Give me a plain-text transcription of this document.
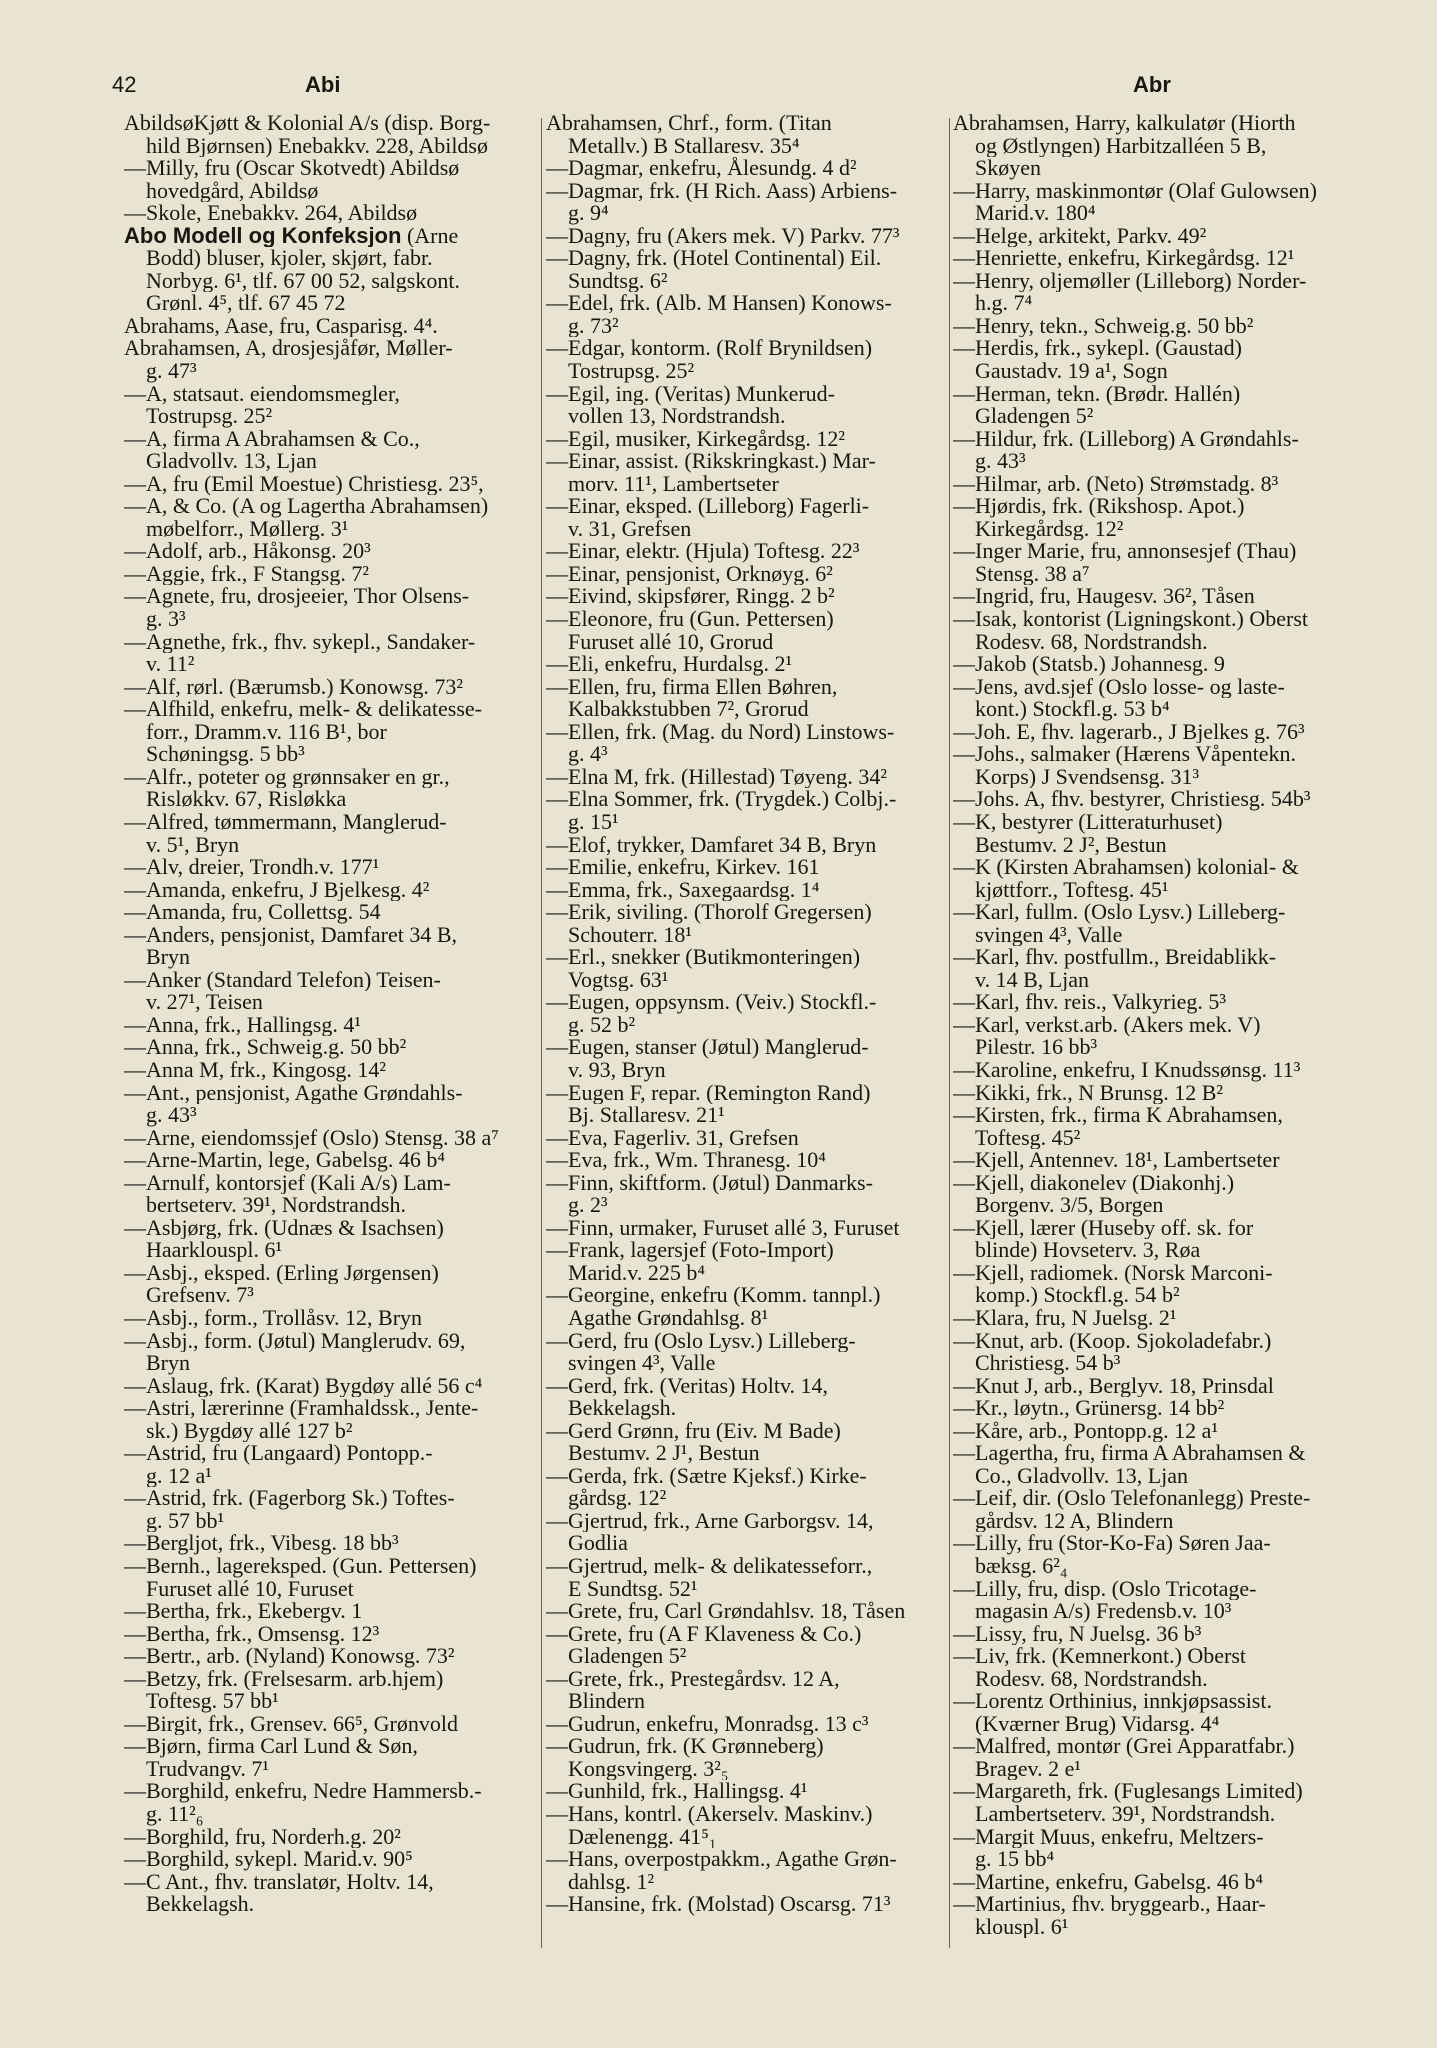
42	Abi	Abr
AbildsøKjøtt & Kolonial A/s (disp. Borg-
hild Bjørnsen) Enebakkv. 228, Abildsø
—Milly, fru (Oscar Skotvedt) Abildsø
hovedgård, Abildsø
—Skole, Enebakkv. 264, Abildsø
Abo Modell og Konfeksjon (Arne
Bodd) bluser, kjoler, skjørt, fabr.
Norbyg. 6¹, tlf. 67 00 52, salgskont.
Grønl. 4⁵, tlf. 67 45 72
Abrahams, Aase, fru, Casparisg. 4⁴.
Abrahamsen, A, drosjesjåfør, Møller-
g. 47³
—A, statsaut. eiendomsmegler,
Tostrupsg. 25²
—A, firma A Abrahamsen & Co.,
Gladvollv. 13, Ljan
—A, fru (Emil Moestue) Christiesg. 23⁵,
—A, & Co. (A og Lagertha Abrahamsen)
møbelforr., Møllerg. 3¹
—Adolf, arb., Håkonsg. 20³
—Aggie, frk., F Stangsg. 7²
—Agnete, fru, drosjeeier, Thor Olsens-
g. 3³
—Agnethe, frk., fhv. sykepl., Sandaker-
v. 11²
—Alf, rørl. (Bærumsb.) Konowsg. 73²
—Alfhild, enkefru, melk- & delikatesse-
forr., Dramm.v. 116 B¹, bor
Schøningsg. 5 bb³
—Alfr., poteter og grønnsaker en gr.,
Risløkkv. 67, Risløkka
—Alfred, tømmermann, Manglerud-
v. 5¹, Bryn
—Alv, dreier, Trondh.v. 177¹
—Amanda, enkefru, J Bjelkesg. 4²
—Amanda, fru, Collettsg. 54
—Anders, pensjonist, Damfaret 34 B,
Bryn
—Anker (Standard Telefon) Teisen-
v. 27¹, Teisen
—Anna, frk., Hallingsg. 4¹
—Anna, frk., Schweig.g. 50 bb²
—Anna M, frk., Kingosg. 14²
—Ant., pensjonist, Agathe Grøndahls-
g. 43³
—Arne, eiendomssjef (Oslo) Stensg. 38 a⁷
—Arne-Martin, lege, Gabelsg. 46 b⁴
—Arnulf, kontorsjef (Kali A/s) Lam-
bertseterv. 39¹, Nordstrandsh.
—Asbjørg, frk. (Udnæs & Isachsen)
Haarklouspl. 6¹
—Asbj., eksped. (Erling Jørgensen)
Grefsenv. 7³
—Asbj., form., Trollåsv. 12, Bryn
—Asbj., form. (Jøtul) Manglerudv. 69,
Bryn
—Aslaug, frk. (Karat) Bygdøy allé 56 c⁴
—Astri, lærerinne (Framhaldssk., Jente-
sk.) Bygdøy allé 127 b²
—Astrid, fru (Langaard) Pontopp.-
g. 12 a¹
—Astrid, frk. (Fagerborg Sk.) Toftes-
g. 57 bb¹
—Bergljot, frk., Vibesg. 18 bb³
—Bernh., lagereksped. (Gun. Pettersen)
Furuset allé 10, Furuset
—Bertha, frk., Ekebergv. 1
—Bertha, frk., Omsensg. 12³
—Bertr., arb. (Nyland) Konowsg. 73²
—Betzy, frk. (Frelsesarm. arb.hjem)
Toftesg. 57 bb¹
—Birgit, frk., Grensev. 66⁵, Grønvold
—Bjørn, firma Carl Lund & Søn,
Trudvangv. 7¹
—Borghild, enkefru, Nedre Hammersb.-
g. 11²₆
—Borghild, fru, Norderh.g. 20²
—Borghild, sykepl. Marid.v. 90⁵
—C Ant., fhv. translatør, Holtv. 14,
Bekkelagsh.
Abrahamsen, Chrf., form. (Titan
Metallv.) B Stallaresv. 35⁴
—Dagmar, enkefru, Ålesundg. 4 d²
—Dagmar, frk. (H Rich. Aass) Arbiens-
g. 9⁴
—Dagny, fru (Akers mek. V) Parkv. 77³
—Dagny, frk. (Hotel Continental) Eil.
Sundtsg. 6²
—Edel, frk. (Alb. M Hansen) Konows-
g. 73²
—Edgar, kontorm. (Rolf Brynildsen)
Tostrupsg. 25²
—Egil, ing. (Veritas) Munkerud-
vollen 13, Nordstrandsh.
—Egil, musiker, Kirkegårdsg. 12²
—Einar, assist. (Rikskringkast.) Mar-
morv. 11¹, Lambertseter
—Einar, eksped. (Lilleborg) Fagerli-
v. 31, Grefsen
—Einar, elektr. (Hjula) Toftesg. 22³
—Einar, pensjonist, Orknøyg. 6²
—Eivind, skipsfører, Ringg. 2 b²
—Eleonore, fru (Gun. Pettersen)
Furuset allé 10, Grorud
—Eli, enkefru, Hurdalsg. 2¹
—Ellen, fru, firma Ellen Bøhren,
Kalbakkstubben 7², Grorud
—Ellen, frk. (Mag. du Nord) Linstows-
g. 4³
—Elna M, frk. (Hillestad) Tøyeng. 34²
—Elna Sommer, frk. (Trygdek.) Colbj.-
g. 15¹
—Elof, trykker, Damfaret 34 B, Bryn
—Emilie, enkefru, Kirkev. 161
—Emma, frk., Saxegaardsg. 1⁴
—Erik, siviling. (Thorolf Gregersen)
Schouterr. 18¹
—Erl., snekker (Butikmonteringen)
Vogtsg. 63¹
—Eugen, oppsynsm. (Veiv.) Stockfl.-
g. 52 b²
—Eugen, stanser (Jøtul) Manglerud-
v. 93, Bryn
—Eugen F, repar. (Remington Rand)
Bj. Stallaresv. 21¹
—Eva, Fagerliv. 31, Grefsen
—Eva, frk., Wm. Thranesg. 10⁴
—Finn, skiftform. (Jøtul) Danmarks-
g. 2³
—Finn, urmaker, Furuset allé 3, Furuset
—Frank, lagersjef (Foto-Import)
Marid.v. 225 b⁴
—Georgine, enkefru (Komm. tannpl.)
Agathe Grøndahlsg. 8¹
—Gerd, fru (Oslo Lysv.) Lilleberg-
svingen 4³, Valle
—Gerd, frk. (Veritas) Holtv. 14,
Bekkelagsh.
—Gerd Grønn, fru (Eiv. M Bade)
Bestumv. 2 J¹, Bestun
—Gerda, frk. (Sætre Kjeksf.) Kirke-
gårdsg. 12²
—Gjertrud, frk., Arne Garborgsv. 14,
Godlia
—Gjertrud, melk- & delikatesseforr.,
E Sundtsg. 52¹
—Grete, fru, Carl Grøndahlsv. 18, Tåsen
—Grete, fru (A F Klaveness & Co.)
Gladengen 5²
—Grete, frk., Prestegårdsv. 12 A,
Blindern
—Gudrun, enkefru, Monradsg. 13 c³
—Gudrun, frk. (K Grønneberg)
Kongsvingerg. 3²₅
—Gunhild, frk., Hallingsg. 4¹
—Hans, kontrl. (Akerselv. Maskinv.)
Dælenengg. 41⁵₁
—Hans, overpostpakkm., Agathe Grøn-
dahlsg. 1²
—Hansine, frk. (Molstad) Oscarsg. 71³
Abrahamsen, Harry, kalkulatør (Hiorth
og Østlyngen) Harbitzalléen 5 B,
Skøyen
—Harry, maskinmontør (Olaf Gulowsen)
Marid.v. 180⁴
—Helge, arkitekt, Parkv. 49²
—Henriette, enkefru, Kirkegårdsg. 12¹
—Henry, oljemøller (Lilleborg) Norder-
h.g. 7⁴
—Henry, tekn., Schweig.g. 50 bb²
—Herdis, frk., sykepl. (Gaustad)
Gaustadv. 19 a¹, Sogn
—Herman, tekn. (Brødr. Hallén)
Gladengen 5²
—Hildur, frk. (Lilleborg) A Grøndahls-
g. 43³
—Hilmar, arb. (Neto) Strømstadg. 8³
—Hjørdis, frk. (Rikshosp. Apot.)
Kirkegårdsg. 12²
—Inger Marie, fru, annonsesjef (Thau)
Stensg. 38 a⁷
—Ingrid, fru, Haugesv. 36², Tåsen
—Isak, kontorist (Ligningskont.) Oberst
Rodesv. 68, Nordstrandsh.
—Jakob (Statsb.) Johannesg. 9
—Jens, avd.sjef (Oslo losse- og laste-
kont.) Stockfl.g. 53 b⁴
—Joh. E, fhv. lagerarb., J Bjelkes g. 76³
—Johs., salmaker (Hærens Våpentekn.
Korps) J Svendsensg. 31³
—Johs. A, fhv. bestyrer, Christiesg. 54b³
—K, bestyrer (Litteraturhuset)
Bestumv. 2 J², Bestun
—K (Kirsten Abrahamsen) kolonial- &
kjøttforr., Toftesg. 45¹
—Karl, fullm. (Oslo Lysv.) Lilleberg-
svingen 4³, Valle
—Karl, fhv. postfullm., Breidablikk-
v. 14 B, Ljan
—Karl, fhv. reis., Valkyrieg. 5³
—Karl, verkst.arb. (Akers mek. V)
Pilestr. 16 bb³
—Karoline, enkefru, I Knudssønsg. 11³
—Kikki, frk., N Brunsg. 12 B²
—Kirsten, frk., firma K Abrahamsen,
Toftesg. 45²
—Kjell, Antennev. 18¹, Lambertseter
—Kjell, diakonelev (Diakonhj.)
Borgenv. 3/5, Borgen
—Kjell, lærer (Huseby off. sk. for
blinde) Hovseterv. 3, Røa
—Kjell, radiomek. (Norsk Marconi-
komp.) Stockfl.g. 54 b²
—Klara, fru, N Juelsg. 2¹
—Knut, arb. (Koop. Sjokoladefabr.)
Christiesg. 54 b³
—Knut J, arb., Berglyv. 18, Prinsdal
—Kr., løytn., Grünersg. 14 bb²
—Kåre, arb., Pontopp.g. 12 a¹
—Lagertha, fru, firma A Abrahamsen &
Co., Gladvollv. 13, Ljan
—Leif, dir. (Oslo Telefonanlegg) Preste-
gårdsv. 12 A, Blindern
—Lilly, fru (Stor-Ko-Fa) Søren Jaa-
bæksg. 6²₄
—Lilly, fru, disp. (Oslo Tricotage-
magasin A/s) Fredensb.v. 10³
—Lissy, fru, N Juelsg. 36 b³
—Liv, frk. (Kemnerkont.) Oberst
Rodesv. 68, Nordstrandsh.
—Lorentz Orthinius, innkjøpsassist.
(Kværner Brug) Vidarsg. 4⁴
—Malfred, montør (Grei Apparatfabr.)
Bragev. 2 e¹
—Margareth, frk. (Fuglesangs Limited)
Lambertseterv. 39¹, Nordstrandsh.
—Margit Muus, enkefru, Meltzers-
g. 15 bb⁴
—Martine, enkefru, Gabelsg. 46 b⁴
—Martinius, fhv. bryggearb., Haar-
klouspl. 6¹
